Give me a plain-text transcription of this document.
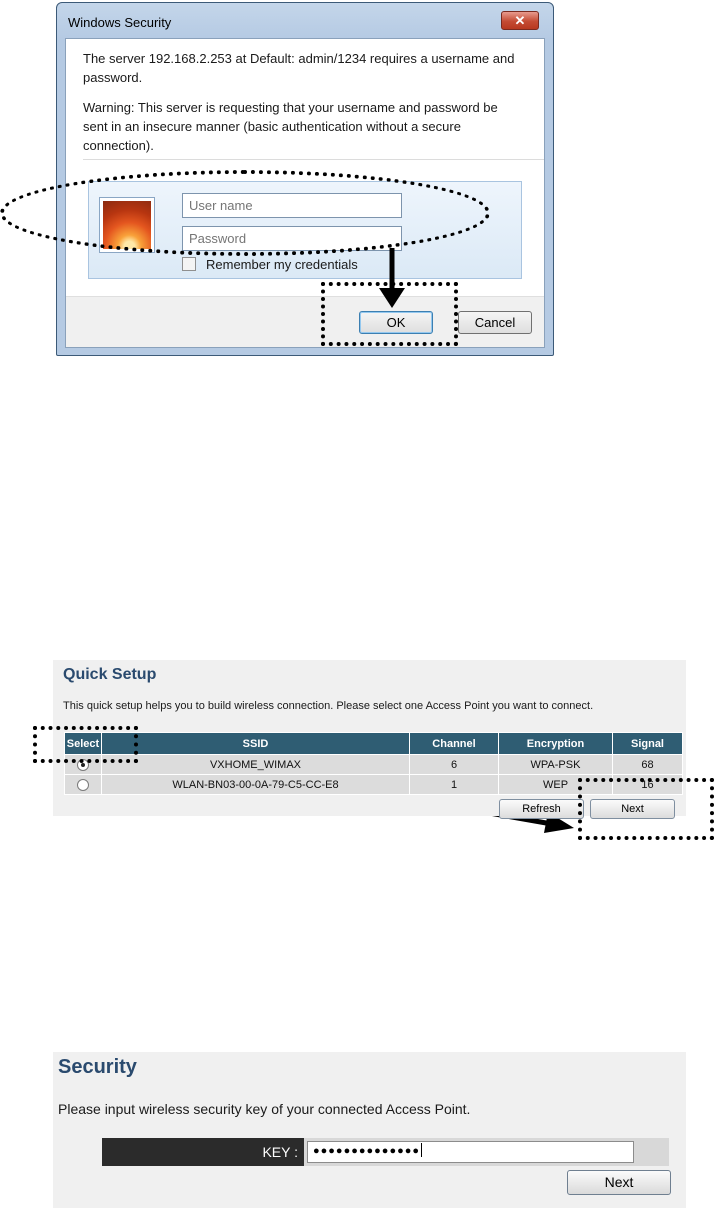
Windows Security	✕
The server 192.168.2.253 at Default: admin/1234 requires a username and password.
Warning: This server is requesting that your username and password be sent in an insecure manner (basic authentication without a secure connection).
User name
Remember my credentials
OK	Cancel
Quick Setup
This quick setup helps you to build wireless connection. Please select one Access Point you want to connect.
Select	SSID	Channel	Encryption	Signal
	VXHOME_WIMAX	6	WPA-PSK	68
	WLAN-BN03-00-0A-79-C5-CC-E8	1	WEP	16
Refresh	Next
Security
Please input wireless security key of your connected Access Point.
KEY :	●●●●●●●●●●●●●●
Next
